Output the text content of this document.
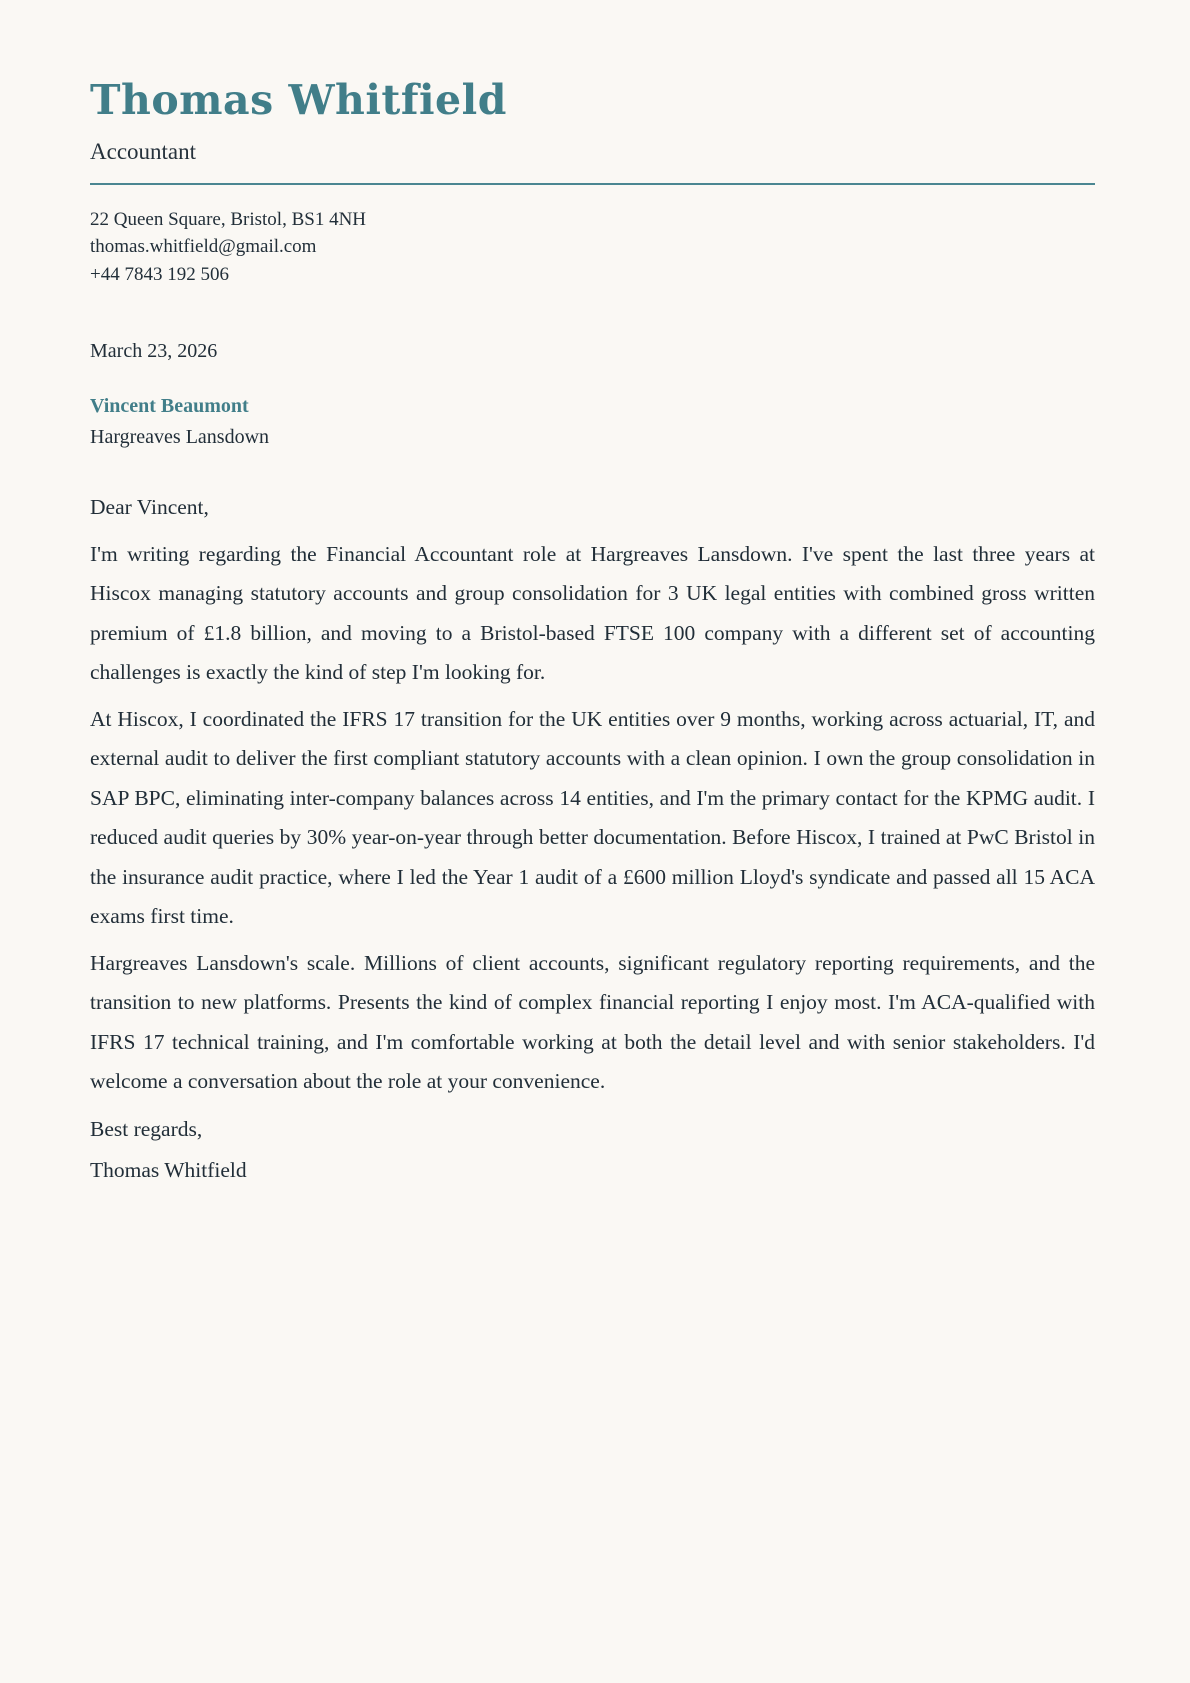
Thomas Whitfield
Accountant
22 Queen Square, Bristol, BS1 4NH
thomas.whitfield@gmail.com
+44 7843 192 506
March 23, 2026
Vincent Beaumont
Hargreaves Lansdown

Dear Vincent,

I'm writing regarding the Financial Accountant role at Hargreaves Lansdown. I've spent the last three years at Hiscox managing statutory accounts and group consolidation for 3 UK legal entities with combined gross written premium of £1.8 billion, and moving to a Bristol-based FTSE 100 company with a different set of accounting challenges is exactly the kind of step I'm looking for.

At Hiscox, I coordinated the IFRS 17 transition for the UK entities over 9 months, working across actuarial, IT, and external audit to deliver the first compliant statutory accounts with a clean opinion. I own the group consolidation in SAP BPC, eliminating inter-company balances across 14 entities, and I'm the primary contact for the KPMG audit. I reduced audit queries by 30% year-on-year through better documentation. Before Hiscox, I trained at PwC Bristol in the insurance audit practice, where I led the Year 1 audit of a £600 million Lloyd's syndicate and passed all 15 ACA exams first time.

Hargreaves Lansdown's scale. Millions of client accounts, significant regulatory reporting requirements, and the transition to new platforms. Presents the kind of complex financial reporting I enjoy most. I'm ACA-qualified with IFRS 17 technical training, and I'm comfortable working at both the detail level and with senior stakeholders. I'd welcome a conversation about the role at your convenience.

Best regards,

Thomas Whitfield
